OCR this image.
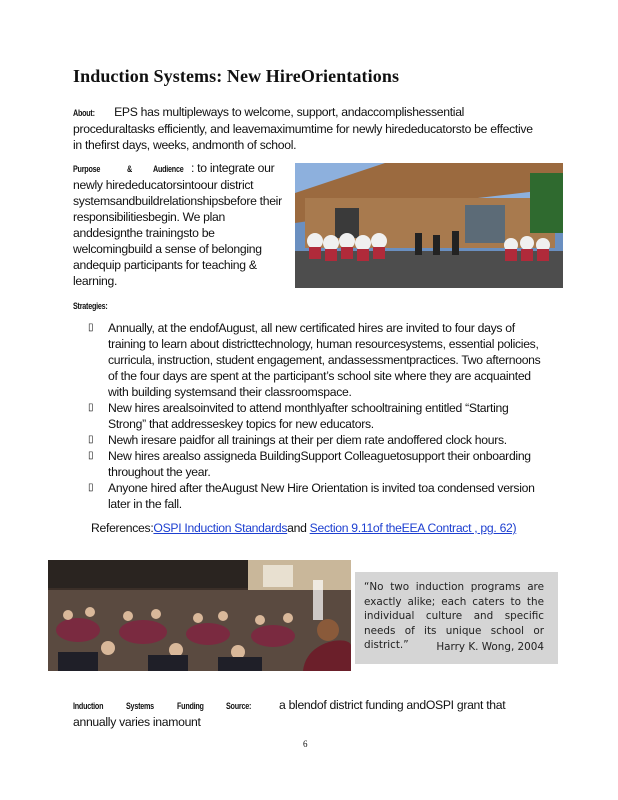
Induction Systems: New HireOrientations
About: EPS has multipleways to welcome, support, andaccomplishessential proceduraltasks efficiently, and leavemaximumtime for newly hirededucatorsto be effective in thefirst days, weeks, andmonth of school.
Purpose	& Audience : to integrate our
newly hirededucatorsintoour district systemsandbuildrelationshipsbefore their responsibilitiesbegin. We plan anddesignthe trainingsto be welcomingbuild a sense of belonging andequip participants for teaching & learning.
Strategies:
▯ Annually, at the endofAugust, all new certificated hires are invited to four days of training to learn about districttechnology, human resourcesystems, essential policies, curricula, instruction, student engagement, andassessmentpractices. Two afternoons of the four days are spent at the participant’s school site where they are acquainted with building systemsand their classroomspace.
▯ New hires arealsoinvited to attend monthlyafter schooltraining entitled “Starting Strong” that addresseskey topics for new educators.
▯ Newh iresare paidfor all trainings at their per diem rate andoffered clock hours.
▯ New hires arealso assigneda BuildingSupport Colleaguetosupport their onboarding throughout the year.
▯ Anyone hired after theAugust New Hire Orientation is invited toa condensed version later in the fall.
References:OSPI Induction Standardsand Section 9.11of theEEA Contract , pg. 62)
“No two induction programs are exactly alike; each caters to the individual culture and specific needs of its unique school or district.”	Harry K. Wong, 2004
Induction	Systems Funding Source: a blendof district funding andOSPI grant that
annually varies inamount
6
